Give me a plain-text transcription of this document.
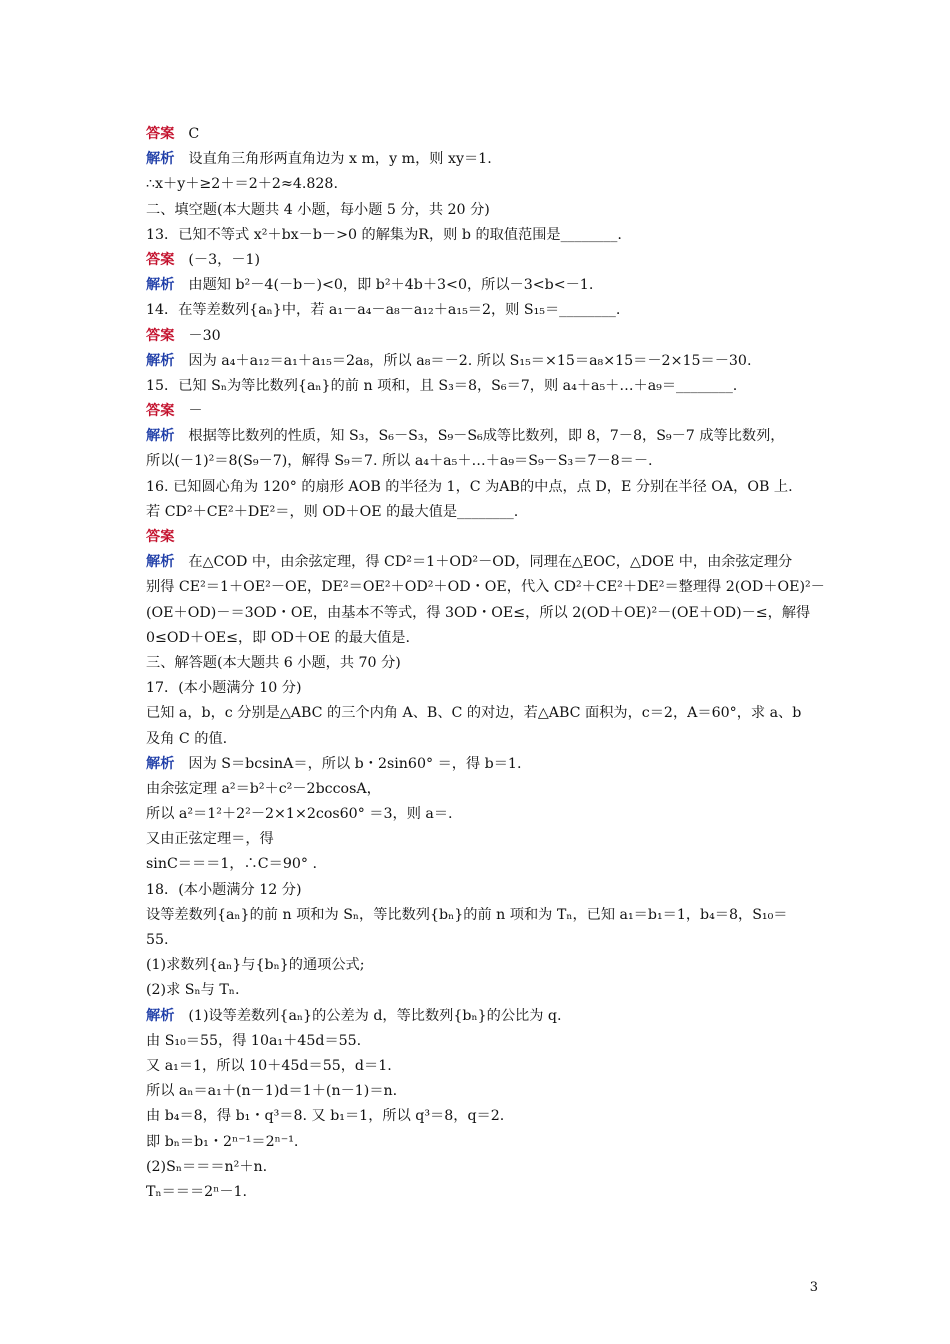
答案 C
解析 设直角三角形两直角边为 x m，y m，则 xy＝1.
∴x＋y＋≥2＋＝2＋2≈4.828.
二、填空题(本大题共 4 小题，每小题 5 分，共 20 分)
13．已知不等式 x²＋bx－b－>0 的解集为R，则 b 的取值范围是________.
答案 (－3，－1)
解析 由题知 b²－4(－b－)<0，即 b²＋4b＋3<0，所以－3<b<－1.
14．在等差数列{aₙ}中，若 a₁－a₄－a₈－a₁₂＋a₁₅＝2，则 S₁₅＝________.
答案 －30
解析 因为 a₄＋a₁₂＝a₁＋a₁₅＝2a₈，所以 a₈＝－2. 所以 S₁₅＝×15＝a₈×15＝－2×15＝－30.
15．已知 Sₙ为等比数列{aₙ}的前 n 项和，且 S₃＝8，S₆＝7，则 a₄＋a₅＋…＋a₉＝________.
答案 －
解析 根据等比数列的性质，知 S₃，S₆－S₃，S₉－S₆成等比数列，即 8，7－8，S₉－7 成等比数列，
所以(－1)²＝8(S₉－7)，解得 S₉＝7. 所以 a₄＋a₅＋…＋a₉＝S₉－S₃＝7－8＝－.
16. 已知圆心角为 120° 的扇形 AOB 的半径为 1，C 为AB的中点，点 D，E 分别在半径 OA，OB 上.
若 CD²＋CE²＋DE²＝，则 OD＋OE 的最大值是________.
答案
解析 在△COD 中，由余弦定理，得 CD²＝1＋OD²－OD，同理在△EOC，△DOE 中，由余弦定理分
别得 CE²＝1＋OE²－OE，DE²＝OE²＋OD²＋OD・OE，代入 CD²＋CE²＋DE²＝整理得 2(OD＋OE)²－
(OE＋OD)－＝3OD・OE，由基本不等式，得 3OD・OE≤，所以 2(OD＋OE)²－(OE＋OD)－≤，解得
0≤OD＋OE≤，即 OD＋OE 的最大值是.
三、解答题(本大题共 6 小题，共 70 分)
17．(本小题满分 10 分)
已知 a，b，c 分别是△ABC 的三个内角 A、B、C 的对边，若△ABC 面积为，c＝2，A＝60°，求 a、b
及角 C 的值.
解析 因为 S＝bcsinA＝，所以 b・2sin60° ＝，得 b＝1.
由余弦定理 a²＝b²＋c²－2bccosA，
所以 a²＝1²＋2²－2×1×2cos60° ＝3，则 a＝.
又由正弦定理＝，得
sinC＝＝＝1，∴C＝90° .
18．(本小题满分 12 分)
设等差数列{aₙ}的前 n 项和为 Sₙ，等比数列{bₙ}的前 n 项和为 Tₙ，已知 a₁＝b₁＝1，b₄＝8，S₁₀＝
55.
(1)求数列{aₙ}与{bₙ}的通项公式;
(2)求 Sₙ与 Tₙ.
解析 (1)设等差数列{aₙ}的公差为 d，等比数列{bₙ}的公比为 q.
由 S₁₀＝55，得 10a₁＋45d＝55.
又 a₁＝1，所以 10＋45d＝55，d＝1.
所以 aₙ＝a₁＋(n－1)d＝1＋(n－1)＝n.
由 b₄＝8，得 b₁・q³＝8. 又 b₁＝1，所以 q³＝8，q＝2.
即 bₙ＝b₁・2ⁿ⁻¹＝2ⁿ⁻¹.
(2)Sₙ＝＝＝n²＋n.
Tₙ＝＝＝2ⁿ－1.
3
